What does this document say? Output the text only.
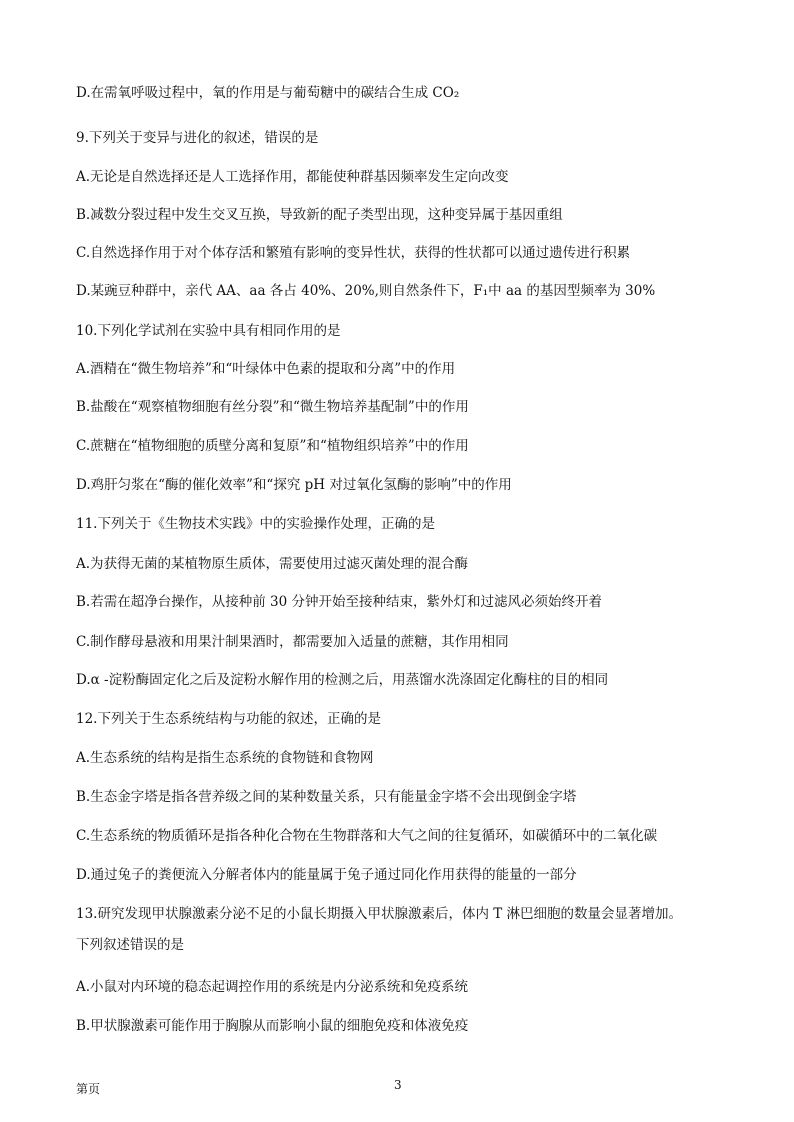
D.在需氧呼吸过程中，氧的作用是与葡萄糖中的碳结合生成 CO₂
9.下列关于变异与进化的叙述，错误的是
A.无论是自然选择还是人工选择作用，都能使种群基因频率发生定向改变
B.减数分裂过程中发生交叉互换，导致新的配子类型出现，这种变异属于基因重组
C.自然选择作用于对个体存活和繁殖有影响的变异性状，获得的性状都可以通过遗传进行积累
D.某豌豆种群中，亲代 AA、aa 各占 40%、20%,则自然条件下，F₁中 aa 的基因型频率为 30%
10.下列化学试剂在实验中具有相同作用的是
A.酒精在“微生物培养”和“叶绿体中色素的提取和分离”中的作用
B.盐酸在“观察植物细胞有丝分裂”和“微生物培养基配制”中的作用
C.蔗糖在“植物细胞的质壁分离和复原”和“植物组织培养”中的作用
D.鸡肝匀浆在“酶的催化效率”和“探究 pH 对过氧化氢酶的影响”中的作用
11.下列关于《生物技术实践》中的实验操作处理，正确的是
A.为获得无菌的某植物原生质体，需要使用过滤灭菌处理的混合酶
B.若需在超净台操作，从接种前 30 分钟开始至接种结束，紫外灯和过滤风必须始终开着
C.制作酵母悬液和用果汁制果酒时，都需要加入适量的蔗糖，其作用相同
D.α -淀粉酶固定化之后及淀粉水解作用的检测之后，用蒸馏水洗涤固定化酶柱的目的相同
12.下列关于生态系统结构与功能的叙述，正确的是
A.生态系统的结构是指生态系统的食物链和食物网
B.生态金字塔是指各营养级之间的某种数量关系，只有能量金字塔不会出现倒金字塔
C.生态系统的物质循环是指各种化合物在生物群落和大气之间的往复循环，如碳循环中的二氧化碳
D.通过兔子的粪便流入分解者体内的能量属于兔子通过同化作用获得的能量的一部分
13.研究发现甲状腺激素分泌不足的小鼠长期摄入甲状腺激素后，体内 T 淋巴细胞的数量会显著增加。
下列叙述错误的是
A.小鼠对内环境的稳态起调控作用的系统是内分泌系统和免疫系统
B.甲状腺激素可能作用于胸腺从而影响小鼠的细胞免疫和体液免疫
第页	3
